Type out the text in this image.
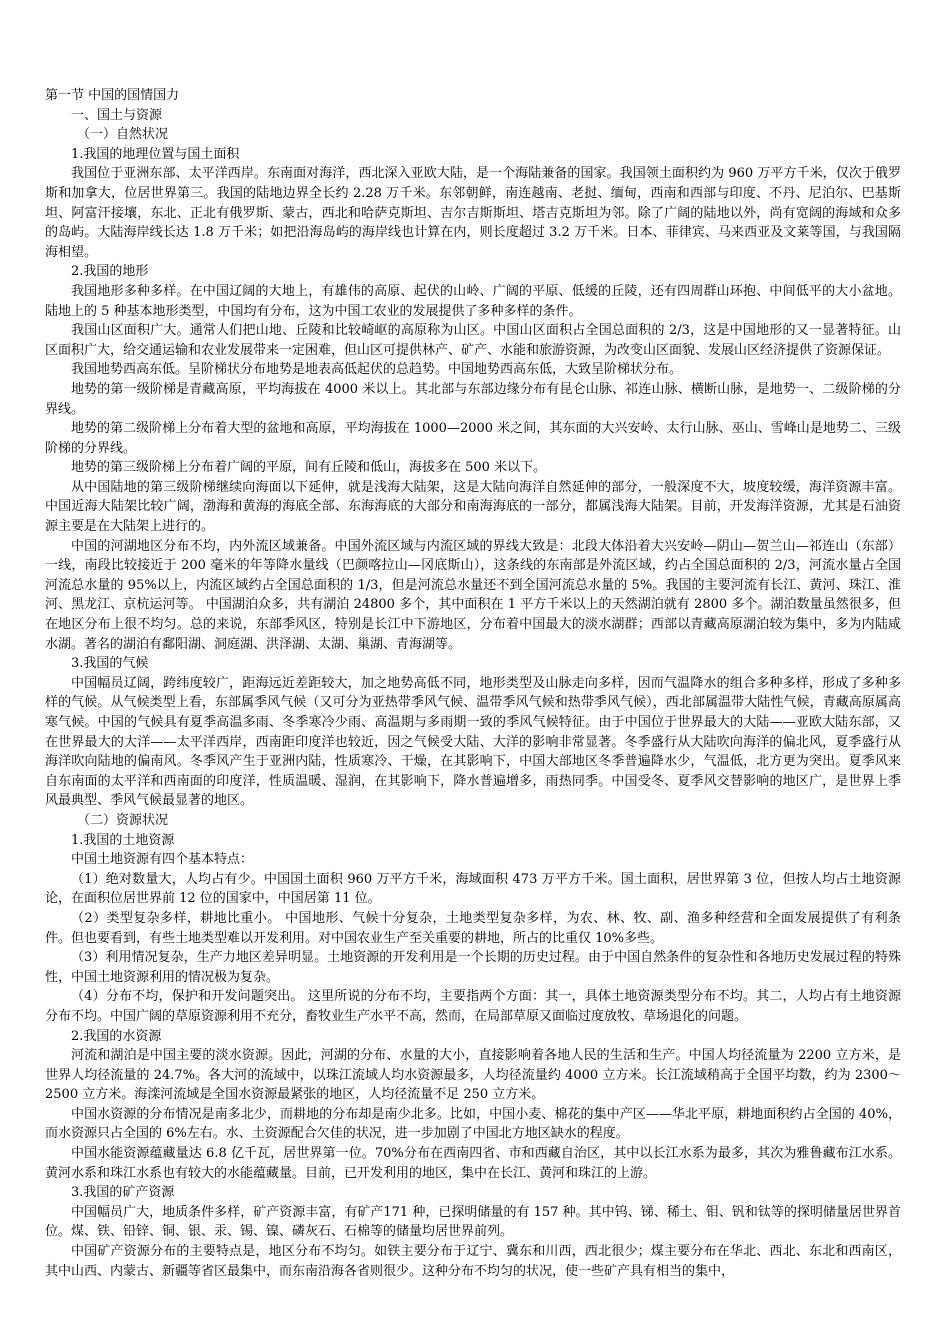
第一节 中国的国情国力

一、国土与资源

（一）自然状况

1.我国的地理位置与国土面积

我国位于亚洲东部、太平洋西岸。东南面对海洋，西北深入亚欧大陆，是一个海陆兼备的国家。我国领土面积约为 960 万平方千米，仅次于俄罗斯和加拿大，位居世界第三。我国的陆地边界全长约 2.28 万千米。东邻朝鲜，南连越南、老挝、缅甸，西南和西部与印度、不丹、尼泊尔、巴基斯坦、阿富汗接壤，东北、正北有俄罗斯、蒙古，西北和哈萨克斯坦、吉尔吉斯斯坦、塔吉克斯坦为邻。除了广阔的陆地以外，尚有宽阔的海域和众多的岛屿。大陆海岸线长达 1.8 万千米；如把沿海岛屿的海岸线也计算在内，则长度超过 3.2 万千米。日本、菲律宾、马来西亚及文莱等国，与我国隔海相望。

2.我国的地形

我国地形多种多样。在中国辽阔的大地上，有雄伟的高原、起伏的山岭、广阔的平原、低缓的丘陵，还有四周群山环抱、中间低平的大小盆地。陆地上的 5 种基本地形类型，中国均有分布，这为中国工农业的发展提供了多种多样的条件。

我国山区面积广大。通常人们把山地、丘陵和比较崎岖的高原称为山区。中国山区面积占全国总面积的 2/3，这是中国地形的又一显著特征。山区面积广大，给交通运输和农业发展带来一定困难，但山区可提供林产、矿产、水能和旅游资源，为改变山区面貌、发展山区经济提供了资源保证。

我国地势西高东低。呈阶梯状分布地势是地表高低起伏的总趋势。中国地势西高东低，大致呈阶梯状分布。

地势的第一级阶梯是青藏高原，平均海拔在 4000 米以上。其北部与东部边缘分布有昆仑山脉、祁连山脉、横断山脉，是地势一、二级阶梯的分界线。

地势的第二级阶梯上分布着大型的盆地和高原，平均海拔在 1000—2000 米之间，其东面的大兴安岭、太行山脉、巫山、雪峰山是地势二、三级阶梯的分界线。

地势的第三级阶梯上分布着广阔的平原，间有丘陵和低山，海拔多在 500 米以下。

从中国陆地的第三级阶梯继续向海面以下延伸，就是浅海大陆架，这是大陆向海洋自然延伸的部分，一般深度不大，坡度较缓，海洋资源丰富。中国近海大陆架比较广阔，渤海和黄海的海底全部、东海海底的大部分和南海海底的一部分，都属浅海大陆架。目前，开发海洋资源，尤其是石油资源主要是在大陆架上进行的。

中国的河湖地区分布不均，内外流区域兼备。中国外流区域与内流区域的界线大致是：北段大体沿着大兴安岭—阴山—贺兰山—祁连山（东部）一线，南段比较接近于 200 毫米的年等降水量线（巴颜喀拉山—冈底斯山），这条线的东南部是外流区域，约占全国总面积的 2/3，河流水量占全国河流总水量的 95%以上，内流区域约占全国总面积的 1/3，但是河流总水量还不到全国河流总水量的 5%。我国的主要河流有长江、黄河、珠江、淮河、黑龙江、京杭运河等。 中国湖泊众多，共有湖泊 24800 多个，其中面积在 1 平方千米以上的天然湖泊就有 2800 多个。湖泊数量虽然很多，但在地区分布上很不均匀。总的来说，东部季风区，特别是长江中下游地区，分布着中国最大的淡水湖群；西部以青藏高原湖泊较为集中，多为内陆咸水湖。著名的湖泊有鄱阳湖、洞庭湖、洪泽湖、太湖、巢湖、青海湖等。

3.我国的气候

中国幅员辽阔，跨纬度较广，距海远近差距较大，加之地势高低不同，地形类型及山脉走向多样，因而气温降水的组合多种多样，形成了多种多样的气候。从气候类型上看，东部属季风气候（又可分为亚热带季风气候、温带季风气候和热带季风气候），西北部属温带大陆性气候，青藏高原属高寒气候。中国的气候具有夏季高温多雨、冬季寒冷少雨、高温期与多雨期一致的季风气候特征。由于中国位于世界最大的大陆——亚欧大陆东部，又在世界最大的大洋——太平洋西岸，西南距印度洋也较近，因之气候受大陆、大洋的影响非常显著。冬季盛行从大陆吹向海洋的偏北风，夏季盛行从海洋吹向陆地的偏南风。冬季风产生于亚洲内陆，性质寒冷、干燥，在其影响下，中国大部地区冬季普遍降水少，气温低，北方更为突出。夏季风来自东南面的太平洋和西南面的印度洋，性质温暖、湿润，在其影响下，降水普遍增多，雨热同季。中国受冬、夏季风交替影响的地区广，是世界上季风最典型、季风气候最显著的地区。

（二）资源状况

1.我国的土地资源

中国土地资源有四个基本特点：

（1）绝对数量大，人均占有少。中国国土面积 960 万平方千米，海域面积 473 万平方千米。国土面积，居世界第 3 位，但按人均占土地资源论，在面积位居世界前 12 位的国家中，中国居第 11 位。

（2）类型复杂多样，耕地比重小。 中国地形、气候十分复杂，土地类型复杂多样，为农、林、牧、副、渔多种经营和全面发展提供了有利条件。但也要看到，有些土地类型难以开发利用。对中国农业生产至关重要的耕地，所占的比重仅 10%多些。

（3）利用情况复杂，生产力地区差异明显。土地资源的开发利用是一个长期的历史过程。由于中国自然条件的复杂性和各地历史发展过程的特殊性，中国土地资源利用的情况极为复杂。

（4）分布不均，保护和开发问题突出。 这里所说的分布不均，主要指两个方面：其一，具体土地资源类型分布不均。其二，人均占有土地资源分布不均。中国广阔的草原资源利用不充分，畜牧业生产水平不高，然而，在局部草原又面临过度放牧、草场退化的问题。

2.我国的水资源

河流和湖泊是中国主要的淡水资源。因此，河湖的分布、水量的大小，直接影响着各地人民的生活和生产。中国人均径流量为 2200 立方米，是世界人均径流量的 24.7%。各大河的流域中，以珠江流域人均水资源最多，人均径流量约 4000 立方米。长江流域稍高于全国平均数，约为 2300～2500 立方米。海滦河流域是全国水资源最紧张的地区，人均径流量不足 250 立方米。

中国水资源的分布情况是南多北少，而耕地的分布却是南少北多。比如，中国小麦、棉花的集中产区——华北平原，耕地面积约占全国的 40%，而水资源只占全国的 6%左右。水、土资源配合欠佳的状况，进一步加剧了中国北方地区缺水的程度。

中国水能资源蕴藏量达 6.8 亿千瓦，居世界第一位。70%分布在西南四省、市和西藏自治区，其中以长江水系为最多，其次为雅鲁藏布江水系。黄河水系和珠江水系也有较大的水能蕴藏量。目前，已开发利用的地区，集中在长江、黄河和珠江的上游。

3.我国的矿产资源

中国幅员广大，地质条件多样，矿产资源丰富，有矿产171 种，已探明储量的有 157 种。其中钨、锑、稀土、钼、钒和钛等的探明储量居世界首位。煤、铁、铅锌、铜、银、汞、锡、镍、磷灰石、石棉等的储量均居世界前列。

中国矿产资源分布的主要特点是，地区分布不均匀。如铁主要分布于辽宁、冀东和川西，西北很少；煤主要分布在华北、西北、东北和西南区，其中山西、内蒙古、新疆等省区最集中，而东南沿海各省则很少。这种分布不均匀的状况，使一些矿产具有相当的集中，
